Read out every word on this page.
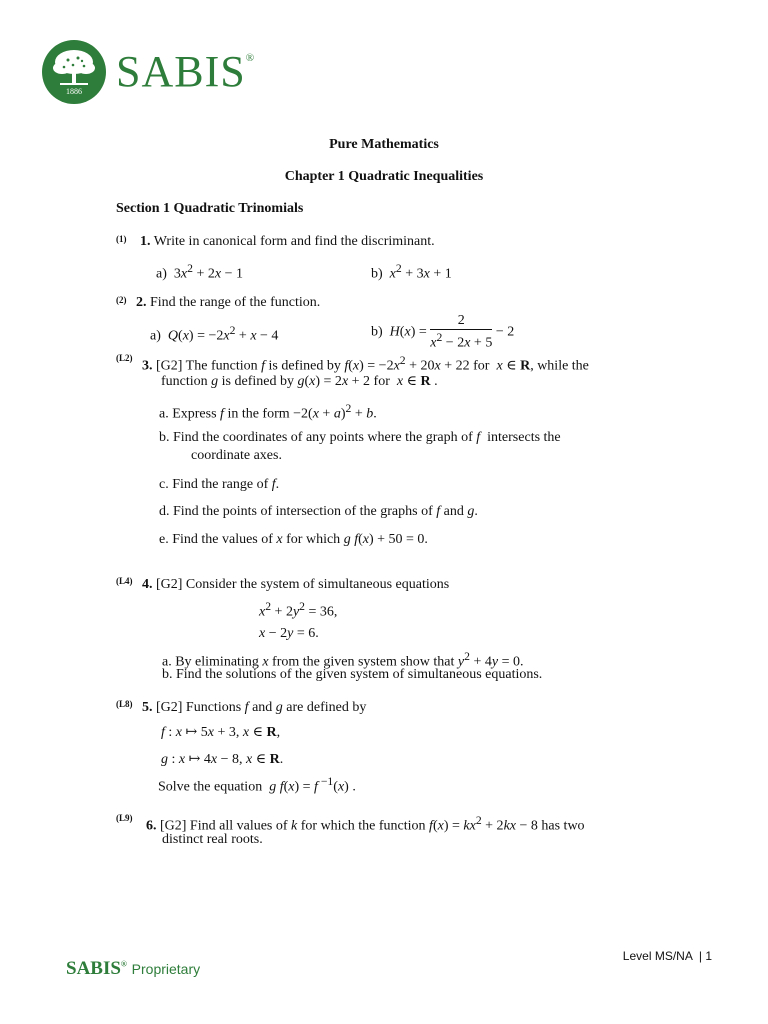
1886 SABIS®
Pure Mathematics
Chapter 1 Quadratic Inequalities
Section 1 Quadratic Trinomials
(1) 1. Write in canonical form and find the discriminant.
a)  $3x^2 + 2x - 1$	b) $x^2 + 3x + 1$
(2) 2. Find the range of the function.
a) $Q(x) = -2x^2 + x - 4$	b) $H(x) = \frac{2}{x^2 - 2x + 5} - 2$
(L2)
3. [G2] The function f is defined by $f(x) = -2x^2 + 20x + 22$ for  x ∈ R, while the
function g is defined by g(x) = 2x + 2 for  x ∈ R .
a. Express f in the form $-2(x + a)^2 + b$.
b. Find the coordinates of any points where the graph of f  intersects the
coordinate axes.
c. Find the range of f.
d. Find the points of intersection of the graphs of f and g.
e. Find the values of x for which g f(x) + 50 = 0.
(L4) 4. [G2] Consider the system of simultaneous equations
$x^2 + 2y^2 = 36$,
x − 2y = 6.
a. By eliminating x from the given system show that $y^2 + 4y = 0$.
b. Find the solutions of the given system of simultaneous equations.
(L8) 5. [G2] Functions f and g are defined by
f : x ↦ 5x + 3, x ∈ R,
g : x ↦ 4x − 8, x ∈ R.
Solve the equation g f(x) = f $^{-1}$(x) .
(L9)
6. [G2] Find all values of k for which the function $f(x) = kx^2 + 2kx - 8$ has two
distinct real roots.
Level MS/NA | 1
SABIS® Proprietary
